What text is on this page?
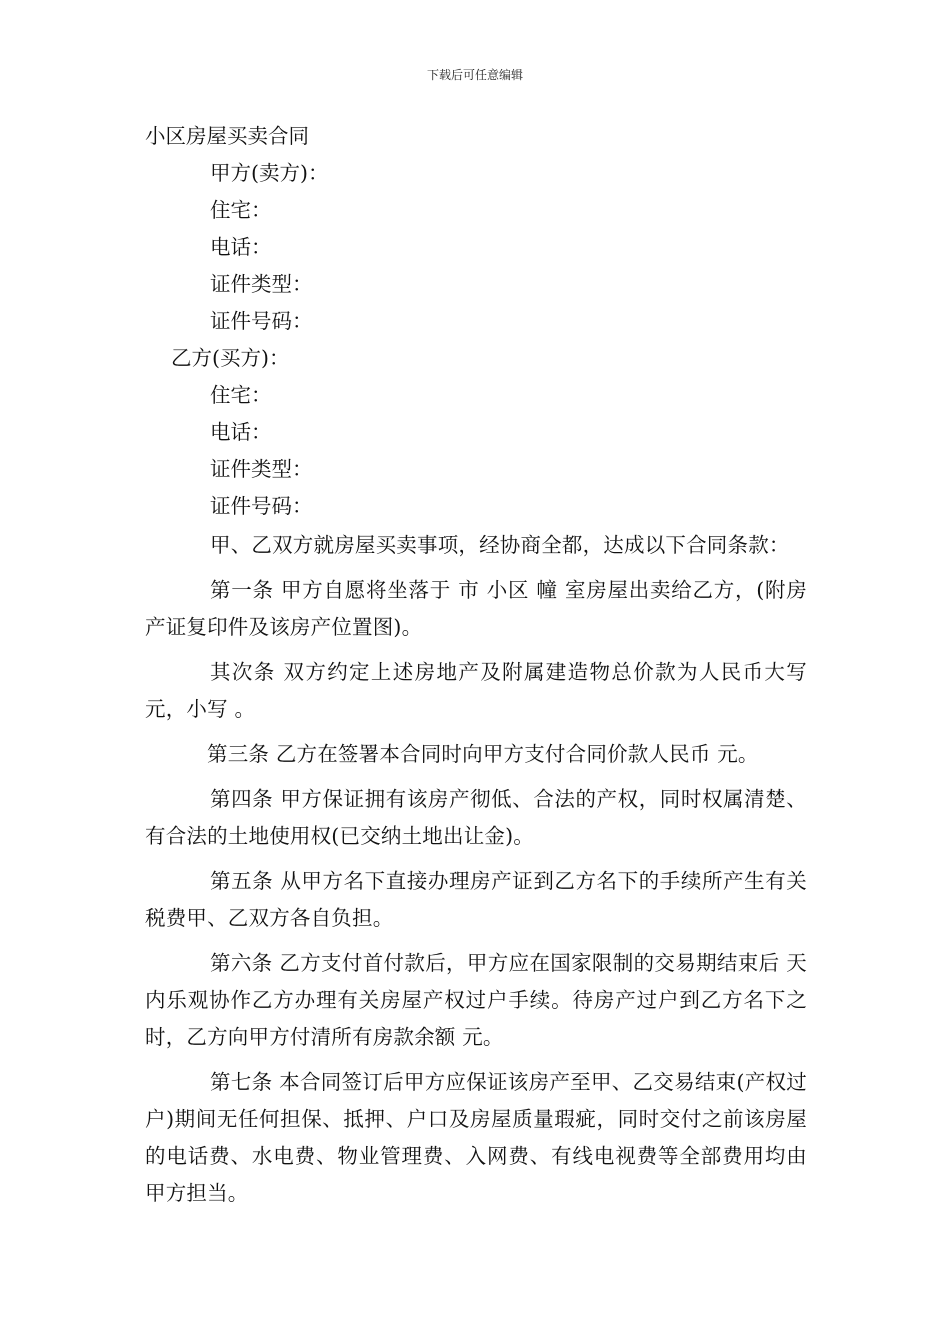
下载后可任意编辑
小区房屋买卖合同
甲方(卖方)：
住宅：
电话：
证件类型：
证件号码：
乙方(买方)：
住宅：
电话：
证件类型：
证件号码：
甲、乙双方就房屋买卖事项，经协商全都，达成以下合同条款：
第一条 甲方自愿将坐落于 市 小区 幢 室房屋出卖给乙方，(附房产证复印件及该房产位置图)。
其次条 双方约定上述房地产及附属建造物总价款为人民币大写 元，小写 。
第三条 乙方在签署本合同时向甲方支付合同价款人民币 元。
第四条 甲方保证拥有该房产彻低、合法的产权，同时权属清楚、有合法的土地使用权(已交纳土地出让金)。
第五条 从甲方名下直接办理房产证到乙方名下的手续所产生有关税费甲、乙双方各自负担。
第六条 乙方支付首付款后，甲方应在国家限制的交易期结束后 天内乐观协作乙方办理有关房屋产权过户手续。待房产过户到乙方名下之时，乙方向甲方付清所有房款余额 元。
第七条 本合同签订后甲方应保证该房产至甲、乙交易结束(产权过户)期间无任何担保、抵押、户口及房屋质量瑕疵，同时交付之前该房屋的电话费、水电费、物业管理费、入网费、有线电视费等全部费用均由甲方担当。
